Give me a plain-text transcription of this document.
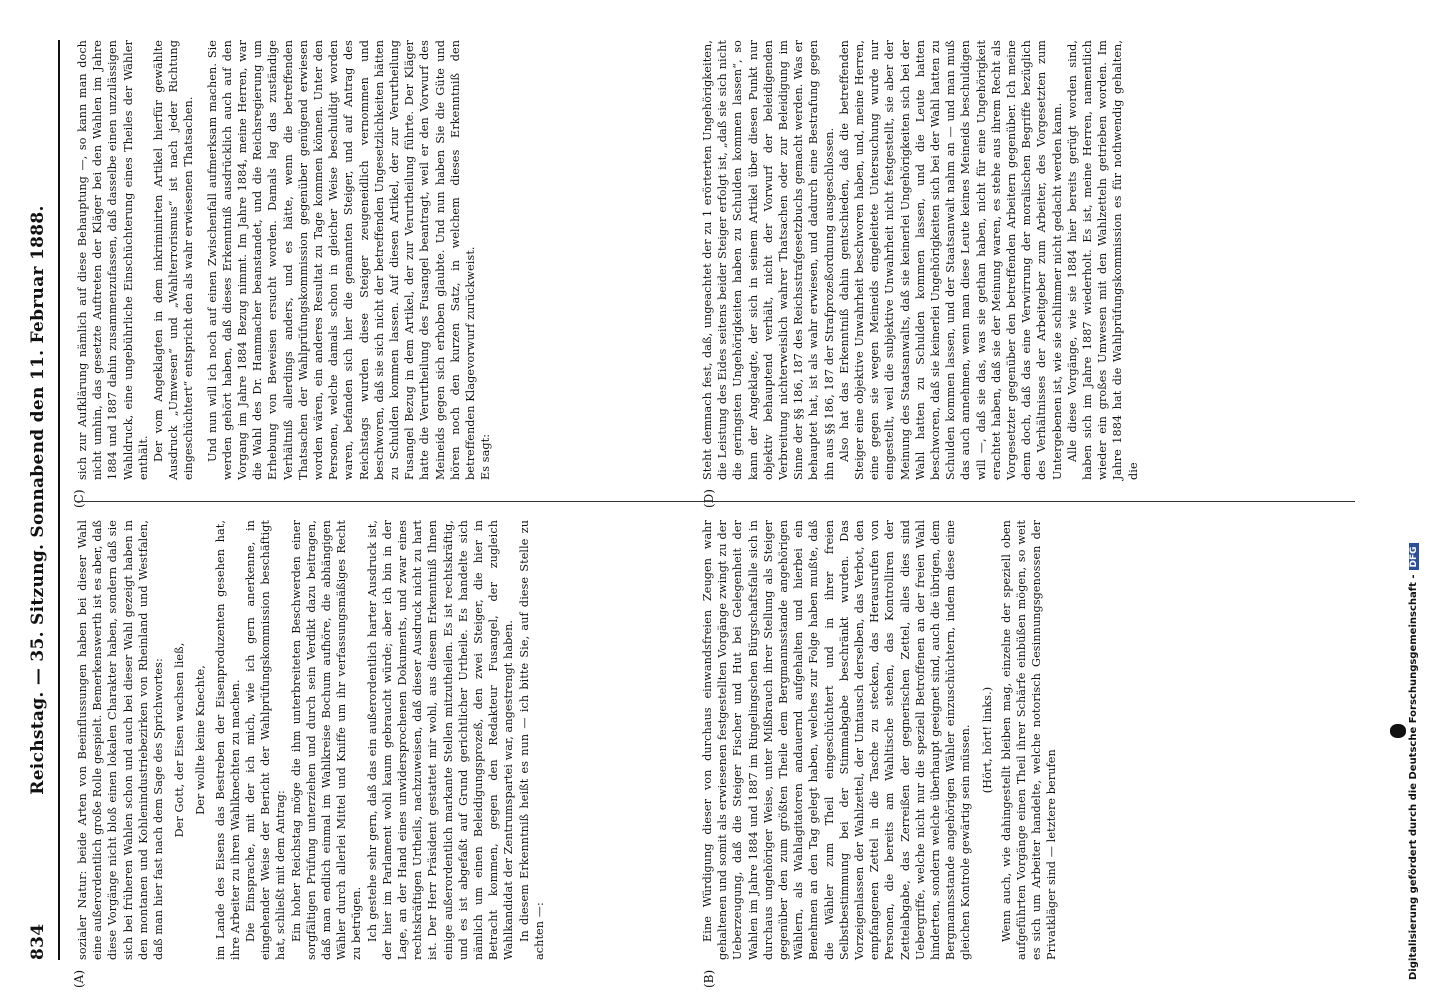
834
Reichstag. — 35. Sitzung. Sonnabend den 11. Februar 1888.
(A)	(B)
(C)	(D)

sozialer Natur: beide Arten von Beeinflussungen haben bei dieser Wahl eine außerordentlich große Rolle gespielt. Bemerkenswerth ist es aber, daß diese Vorgänge nicht bloß einen lokalen Charakter haben, sondern daß sie sich bei früheren Wahlen schon und auch bei dieser Wahl gezeigt haben in den montanen und Kohlenindustriebezirken von Rheinland und Westfalen, daß man hier fast nach dem Sage des Sprichwortes: Der Gott, der Eisen wachsen ließ, Der wollte keine Knechte, im Lande des Eisens das Bestreben der Eisenproduzenten gesehen hat, ihre Arbeiter zu ihren Wahlknechten zu machen. Die Einsprache, mit der ich mich, wie ich gern anerkenne, in eingehender Weise der Bericht der Wahlprüfungskommission beschäftigt hat, schließt mit dem Antrag: Ein hoher Reichstag möge die ihm unterbreiteten Beschwerden einer sorgfältigen Prüfung unterziehen und durch sein Verdikt dazu beitragen, daß man endlich einmal im Wahlkreise Bochum aufhöre, die abhängigen Wähler durch allerlei Mittel und Kniffe um ihr verfassungsmäßiges Recht zu betrügen. Ich gestehe sehr gern, daß das ein außerordentlich harter Ausdruck ist, der hier im Parlament wohl kaum gebraucht würde; aber ich bin in der Lage, an der Hand eines unwidersprochenen Dokuments, und zwar eines rechtskräftigen Urtheils, nachzuweisen, daß dieser Ausdruck nicht zu hart ist. Der Herr Präsident gestattet mir wohl, aus diesem Erkenntniß Ihnen einige außerordentlich markante Stellen mitzutheilen. Es ist rechtskräftig, und es ist abgefaßt auf Grund gerichtlicher Urtheile. Es handelte sich nämlich um einen Beleidigungsprozeß, den zwei Steiger, die hier in Betracht kommen, gegen den Redakteur Fusangel, der zugleich Wahlkandidat der Zentrumspartei war, angestrengt haben. In diesem Erkenntniß heißt es nun — ich bitte Sie, auf diese Stelle zu achten —:

sich zur Aufklärung nämlich auf diese Behauptung —, so kann man doch nicht umhin, das gesetzte Auftreten der Kläger bei den Wahlen im Jahre 1884 und 1887 dahin zusammenzufassen, daß dasselbe einen unzulässigen Wahldruck, eine ungebührliche Einschüchterung eines Theiles der Wähler enthält. Der vom Angeklagten in dem inkriminirten Artikel hierfür gewählte Ausdruck „Umwesen“ und „Wahlterrorismus“ ist nach jeder Richtung eingeschüchtert“ entspricht den als wahr erwiesenen Thatsachen. Und nun will ich noch auf einen Zwischenfall aufmerksam machen. Sie werden gehört haben, daß dieses Erkenntniß ausdrücklich auch auf den Vorgang im Jahre 1884 Bezug nimmt. Im Jahre 1884, meine Herren, war die Wahl des Dr. Hammacher beanstandet, und die Reichsregierung um Erhebung von Beweisen ersucht worden. Damals lag das zuständige Verhältniß allerdings anders, und es hätte, wenn die betreffenden Thatsachen der Wahlprüfungskommission gegenüber genügend erwiesen worden wären, ein anderes Resultat zu Tage kommen können. Unter den Personen, welche damals schon in gleicher Weise beschuldigt worden waren, befanden sich hier die genannten Steiger, und auf Antrag des Reichstags wurden diese Steiger zeugeneidlich vernommen und beschworen, daß sie sich nicht der betreffenden Ungesetzlichkeiten hätten zu Schulden kommen lassen. Auf diesen Artikel, der zur Verurtheilung Fusangel Bezug in dem Artikel, der zur Verurtheilung führte. Der Kläger hatte die Verurtheilung des Fusangel beantragt, weil er den Vorwurf des Meineids gegen sich erhoben glaubte. Und nun haben Sie die Güte und hören noch den kurzen Satz, in welchem dieses Erkenntniß den betreffenden Klagevorwurf zurückweist. Es sagt:

Eine Würdigung dieser von durchaus einwandsfreien Zeugen wahr gehaltenen und somit als erwiesenen festgestellten Vorgänge zwingt zu der Ueberzeugung, daß die Steiger Fischer und Hut bei Gelegenheit der Wahlen im Jahre 1884 und 1887 im Ringelingschen Bürgschaftsfalle sich in durchaus ungehöriger Weise, unter Mißbrauch ihrer Stellung als Steiger gegenüber den zum größten Theile dem Bergmannsstande angehörigen Wählern, als Wahlagitatoren andauernd aufgehalten und hierbei ein Benehmen an den Tag gelegt haben, welches zur Folge haben mußte, daß die Wähler zum Theil eingeschüchtert und in ihrer freien Selbstbestimmung bei der Stimmabgabe beschränkt wurden. Das Vorzeigenlassen der Wahlzettel, der Umtausch derselben, das Verbot, den empfangenen Zettel in die Tasche zu stecken, das Herausrufen von Personen, die bereits am Wahltische stehen, das Kontrolliren der Zettelabgabe, das Zerreißen der gegnerischen Zettel, alles dies sind Uebergriffe, welche nicht nur die speziell Betroffenen an der freien Wahl hinderten, sondern welche überhaupt geeignet sind, auch die übrigen, dem Bergmannsstande angehörigen Wähler einzuschüchtern, indem diese eine gleichen Kontrole gewärtig sein müssen. (Hört, hört! links.) Wenn auch, wie dahingestellt bleiben mag, einzelne der speziell oben aufgeführten Vorgänge einen Theil ihrer Schärfe einbüßen mögen, so weit es sich um Arbeiter handelte, welche notorisch Gesinnungsgenossen der Privatkläger sind — letztere berufen

Steht demnach fest, daß, ungeachtet der zu 1 erörterten Ungehörigkeiten, die Leistung des Eides seitens beider Steiger erfolgt ist, „daß sie sich nicht die geringsten Ungehörigkeiten haben zu Schulden kommen lassen“, so kann der Angeklagte, der sich in seinem Artikel über diesen Punkt nur objektiv behauptend verhält, nicht der Vorwurf der beleidigenden Verbreitung nichterweislich wahrer Thatsachen oder zur Beleidigung im Sinne der §§ 186, 187 des Reichsstrafgesetzbuchs gemacht werden. Was er behauptet hat, ist als wahr erwiesen, und dadurch eine Bestrafung gegen ihn aus §§ 186, 187 der Strafprozeßordnung ausgeschlossen. Also hat das Erkenntniß dahin gentschieden, daß die betreffenden Steiger eine objektive Unwahrheit beschworen haben, und, meine Herren, eine gegen sie wegen Meineids eingeleitete Untersuchung wurde nur eingestellt, weil die subjektive Unwahrheit nicht festgestellt, sie aber der Meinung des Staatsanwalts, daß sie keinerlei Ungehörigkeiten sich bei der Wahl hatten zu Schulden kommen lassen, und die Leute hatten beschworen, daß sie keinerlei Ungehörigkeiten sich bei der Wahl hatten zu Schulden kommen lassen, und der Staatsanwalt nahm an — und man muß das auch annehmen, wenn man diese Leute keines Meineids beschuldigen will —, daß sie das, was sie gethan haben, nicht für eine Ungehörigkeit erachtet haben, daß sie der Meinung waren, es stehe aus ihrem Recht als Vorgesetzter gegenüber den betreffenden Arbeitern gegenüber. Ich meine denn doch, daß das eine Verwirrung der moralischen Begriffe bezüglich des Verhältnisses der Arbeitgeber zum Arbeiter, des Vorgesetzten zum Untergebenen ist, wie sie schlimmer nicht gedacht werden kann. Alle diese Vorgänge, wie sie 1884 hier bereits gerügt worden sind, haben sich im Jahre 1887 wiederholt. Es ist, meine Herren, namentlich wieder ein großes Umwesen mit den Wahlzetteln getrieben worden. Im Jahre 1884 hat die Wahlprüfungskommission es für nothwendig gehalten, die

Digitalisierung gefördert durch die Deutsche Forschungsgemeinschaft -DFG
